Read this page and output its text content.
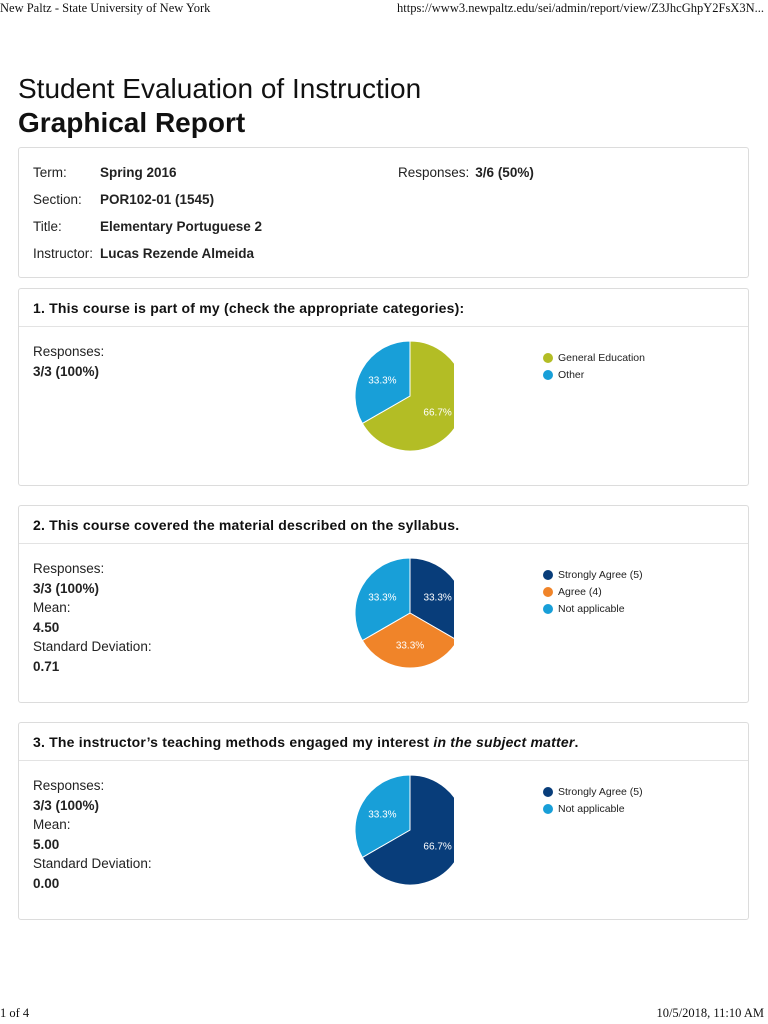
New Paltz - State University of New York	https://www3.newpaltz.edu/sei/admin/report/view/Z3JhcGhpY2FsX3N...
Student Evaluation of Instruction
Graphical Report
Term: Spring 2016
Section: POR102-01 (1545)
Title:	Elementary Portuguese 2
Instructor: Lucas Rezende Almeida
Responses: 3/6 (50%)
1. This course is part of my (check the appropriate categories):
Responses:
3/3 (100%)
66.7%
33.3%
General Education
Other
2. This course covered the material described on the syllabus.
Responses:
3/3 (100%)
Mean:
4.50
Standard Deviation:
0.71
33.3%
33.3%
33.3%
Strongly Agree (5)
Agree (4)
Not applicable
3. The instructor’s teaching methods engaged my interest in the subject matter.
Responses:
3/3 (100%)
Mean:
5.00
Standard Deviation:
0.00
66.7%
33.3%
Strongly Agree (5)
Not applicable
1 of 4	10/5/2018, 11:10 AM
